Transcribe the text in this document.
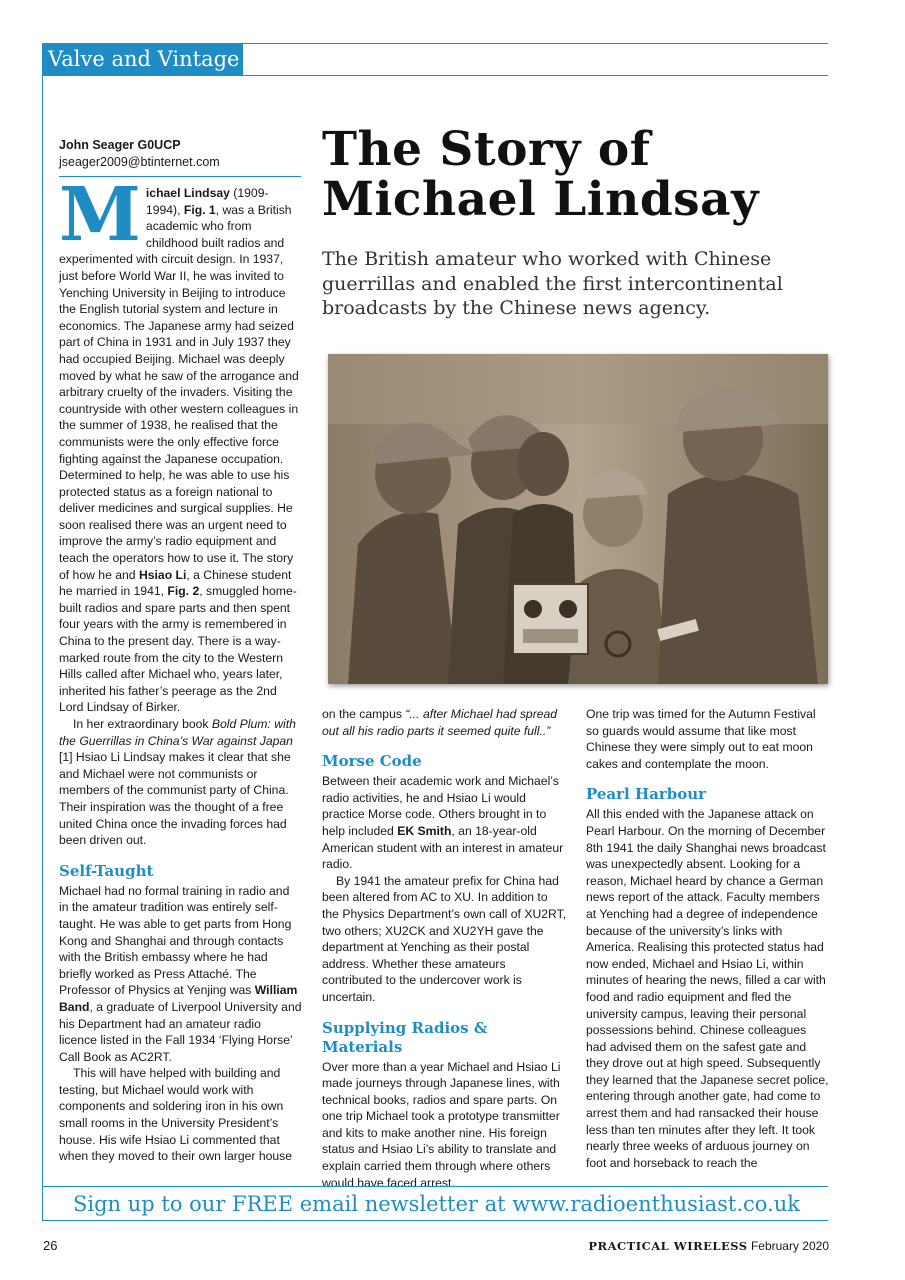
Valve and Vintage
John Seager G0UCP
jseager2009@btinternet.com	The Story of
Michael Lindsay
The British amateur who worked with Chinese guerrillas and enabled the first intercontinental broadcasts by the Chinese news agency.

Michael Lindsay (1909-1994), Fig. 1, was a British academic who from childhood built radios and experimented with circuit design. In 1937, just before World War II, he was invited to Yenching University in Beijing to introduce the English tutorial system and lecture in economics. The Japanese army had seized part of China in 1931 and in July 1937 they had occupied Beijing. Michael was deeply moved by what he saw of the arrogance and arbitrary cruelty of the invaders. Visiting the countryside with other western colleagues in the summer of 1938, he realised that the communists were the only effective force fighting against the Japanese occupation. Determined to help, he was able to use his protected status as a foreign national to deliver medicines and surgical supplies. He soon realised there was an urgent need to improve the army’s radio equipment and teach the operators how to use it. The story of how he and Hsiao Li, a Chinese student he married in 1941, Fig. 2, smuggled home-built radios and spare parts and then spent four years with the army is remembered in China to the present day. There is a way-marked route from the city to the Western Hills called after Michael who, years later, inherited his father’s peerage as the 2nd Lord Lindsay of Birker.

In her extraordinary book Bold Plum: with the Guerrillas in China’s War against Japan [1] Hsiao Li Lindsay makes it clear that she and Michael were not communists or members of the communist party of China. Their inspiration was the thought of a free united China once the invading forces had been driven out.

Self-Taught

Michael had no formal training in radio and in the amateur tradition was entirely self-taught. He was able to get parts from Hong Kong and Shanghai and through contacts with the British embassy where he had briefly worked as Press Attaché. The Professor of Physics at Yenjing was William Band, a graduate of Liverpool University and his Department had an amateur radio licence listed in the Fall 1934 ‘Flying Horse’ Call Book as AC2RT.

This will have helped with building and testing, but Michael would work with components and soldering iron in his own small rooms in the University President’s house. His wife Hsiao Li commented that when they moved to their own larger house

on the campus “... after Michael had spread out all his radio parts it seemed quite full..”

Morse Code

Between their academic work and Michael’s radio activities, he and Hsiao Li would practice Morse code. Others brought in to help included EK Smith, an 18-year-old American student with an interest in amateur radio.

By 1941 the amateur prefix for China had been altered from AC to XU. In addition to the Physics Department’s own call of XU2RT, two others; XU2CK and XU2YH gave the department at Yenching as their postal address. Whether these amateurs contributed to the undercover work is uncertain.

Supplying Radios & Materials

Over more than a year Michael and Hsiao Li made journeys through Japanese lines, with technical books, radios and spare parts. On one trip Michael took a prototype transmitter and kits to make another nine. His foreign status and Hsiao Li’s ability to translate and explain carried them through where others would have faced arrest.

One trip was timed for the Autumn Festival so guards would assume that like most Chinese they were simply out to eat moon cakes and contemplate the moon.

Pearl Harbour

All this ended with the Japanese attack on Pearl Harbour. On the morning of December 8th 1941 the daily Shanghai news broadcast was unexpectedly absent. Looking for a reason, Michael heard by chance a German news report of the attack. Faculty members at Yenching had a degree of independence because of the university’s links with America. Realising this protected status had now ended, Michael and Hsiao Li, within minutes of hearing the news, filled a car with food and radio equipment and fled the university campus, leaving their personal possessions behind. Chinese colleagues had advised them on the safest gate and they drove out at high speed. Subsequently they learned that the Japanese secret police, entering through another gate, had come to arrest them and had ransacked their house less than ten minutes after they left. It took nearly three weeks of arduous journey on foot and horseback to reach the

Sign up to our FREE email newsletter at www.radioenthusiast.co.uk
26	PRACTICAL WIRELESS February 2020
